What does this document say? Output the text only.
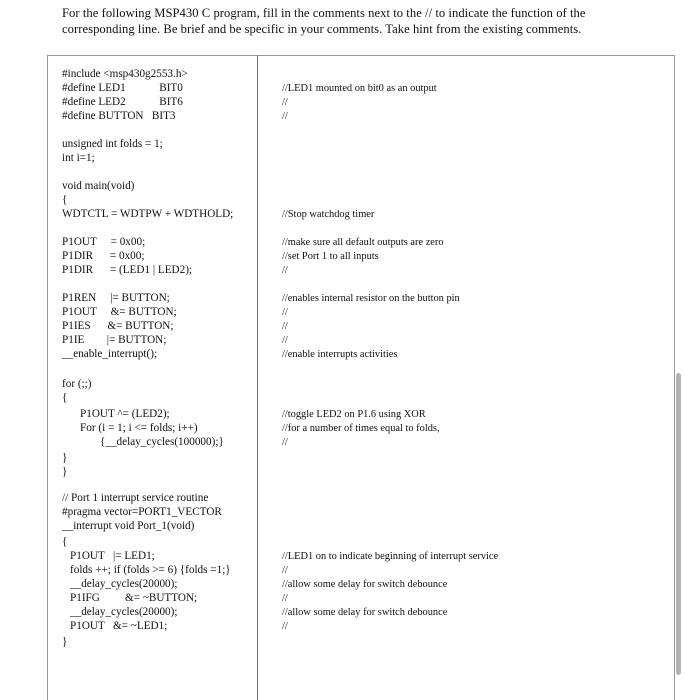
For the following MSP430 C program, fill in the comments next to the // to indicate the function of the corresponding line. Be brief and be specific in your comments. Take hint from the existing comments.
#include <msp430g2553.h>
#define LED1            BIT0
#define LED2            BIT6
#define BUTTON   BIT3
unsigned int folds = 1;
int i=1;
void main(void)
{
WDTCTL = WDTPW + WDTHOLD;
P1OUT     = 0x00;
P1DIR      = 0x00;
P1DIR      = (LED1 | LED2);
P1REN     |= BUTTON;
P1OUT     &= BUTTON;
P1IES      &= BUTTON;
P1IE        |= BUTTON;
__enable_interrupt();
for (;;)
{
P1OUT ^= (LED2);
For (i = 1; i <= folds; i++)
{__delay_cycles(100000);}
}
}
// Port 1 interrupt service routine
#pragma vector=PORT1_VECTOR
__interrupt void Port_1(void)
{
P1OUT   |= LED1;
folds ++; if (folds >= 6) {folds =1;}
__delay_cycles(20000);
P1IFG         &= ~BUTTON;
__delay_cycles(20000);
P1OUT   &= ~LED1;
}
//LED1 mounted on bit0 as an output
//
//
//Stop watchdog timer
//make sure all default outputs are zero
//set Port 1 to all inputs
//
//enables internal resistor on the button pin
//
//
//
//enable interrupts activities
//toggle LED2 on P1.6 using XOR
//for a number of times equal to folds,
//
//LED1 on to indicate beginning of interrupt service
//
//allow some delay for switch debounce
//
//allow some delay for switch debounce
//
